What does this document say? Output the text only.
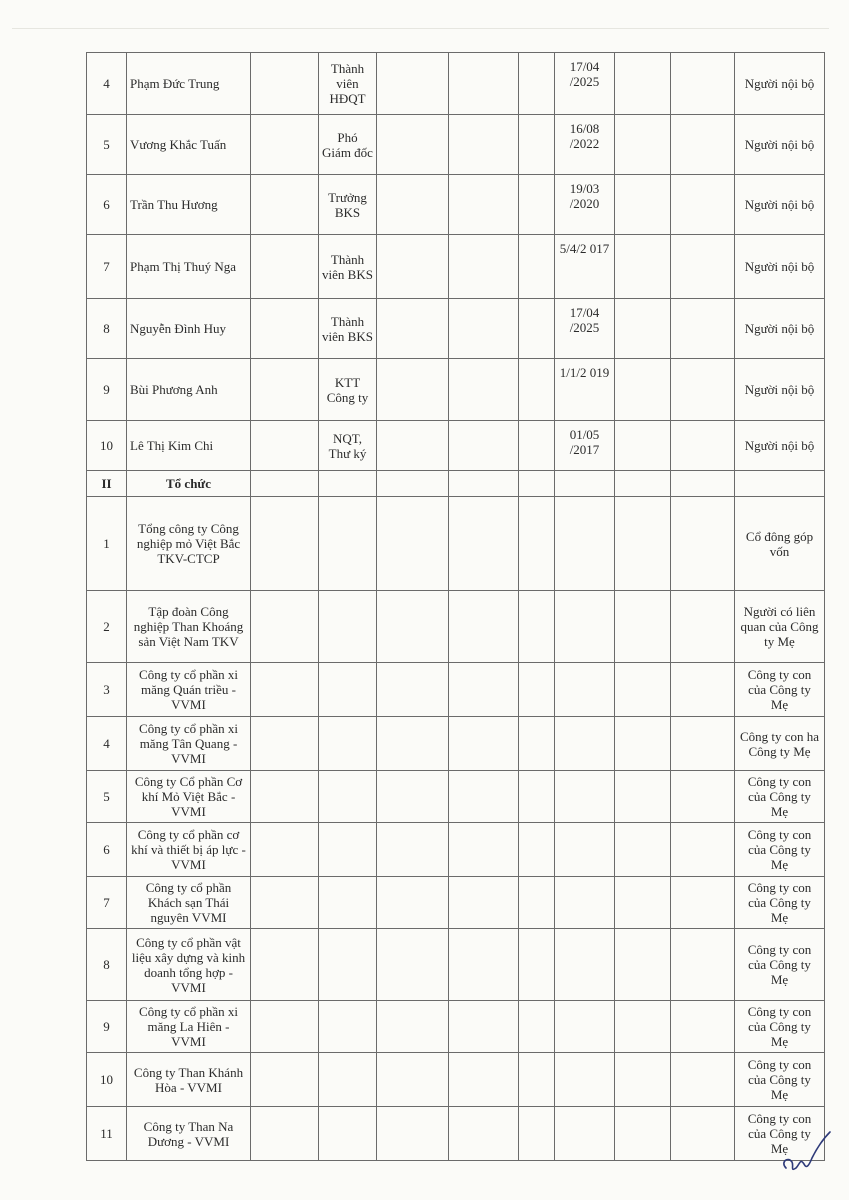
4	Phạm Đức Trung		Thành viên HĐQT				17/04 /2025			Người nội bộ
5	Vương Khắc Tuấn		Phó Giám đốc				16/08 /2022			Người nội bộ
6	Trần Thu Hương		Trưởng BKS				19/03 /2020			Người nội bộ
7	Phạm Thị Thuý Nga		Thành viên BKS				5/4/2 017			Người nội bộ
8	Nguyễn Đình Huy		Thành viên BKS				17/04 /2025			Người nội bộ
9	Bùi Phương Anh		KTT Công ty				1/1/2 019			Người nội bộ
10	Lê Thị Kim Chi		NQT, Thư ký				01/05 /2017			Người nội bộ
II	Tổ chức									
1	Tổng công ty Công nghiệp mỏ Việt Bắc TKV-CTCP									Cổ đông góp vốn
2	Tập đoàn Công nghiệp Than Khoáng sản Việt Nam TKV									Người có liên quan của Công ty Mẹ
3	Công ty cổ phần xi măng Quán triều - VVMI									Công ty con của Công ty Mẹ
4	Công ty cổ phần xi măng Tân Quang - VVMI									Công ty con ha Công ty Mẹ
5	Công ty Cổ phần Cơ khí Mỏ Việt Bắc - VVMI									Công ty con của Công ty Mẹ
6	Công ty cổ phần cơ khí và thiết bị áp lực - VVMI									Công ty con của Công ty Mẹ
7	Công ty cổ phần Khách sạn Thái nguyên VVMI									Công ty con của Công ty Mẹ
8	Công ty cổ phần vật liệu xây dựng và kinh doanh tổng hợp - VVMI									Công ty con của Công ty Mẹ
9	Công ty cổ phần xi măng La Hiên - VVMI									Công ty con của Công ty Mẹ
10	Công ty Than Khánh Hòa - VVMI									Công ty con của Công ty Mẹ
11	Công ty Than Na Dương - VVMI									Công ty con của Công ty Mẹ
